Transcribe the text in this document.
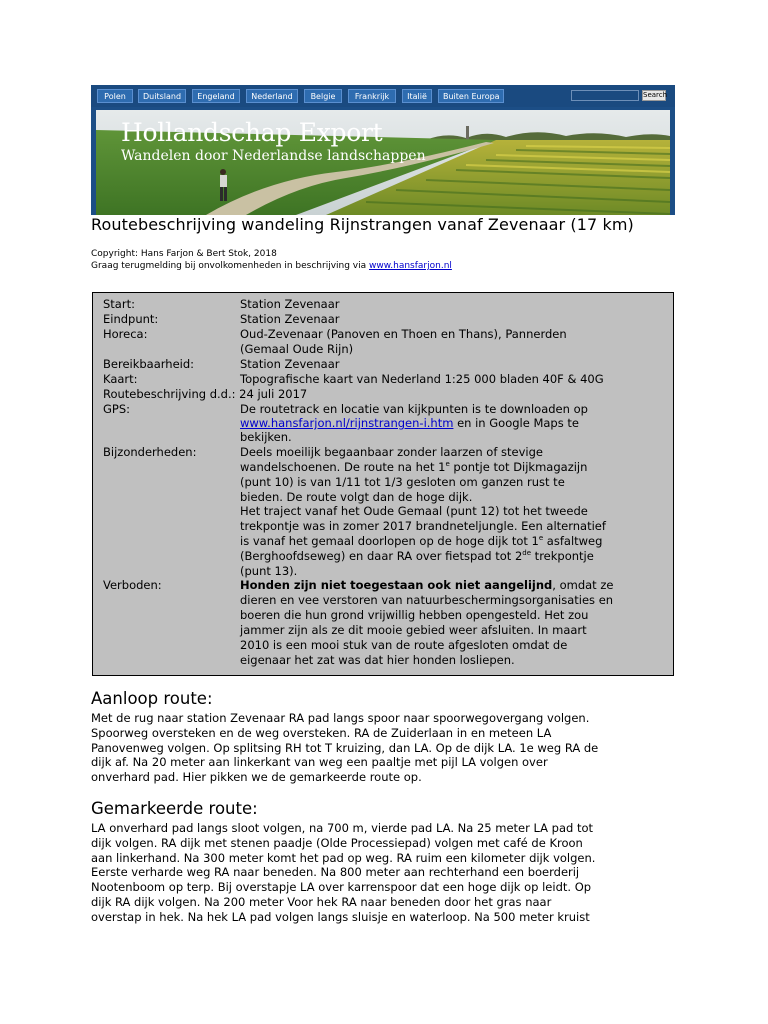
Polen	Duitsland	Engeland	Nederland	Belgie	Frankrijk	Italië	Buiten Europa	Search
Hollandschap Export
Wandelen door Nederlandse landschappen
Routebeschrijving wandeling Rijnstrangen vanaf Zevenaar (17 km)
Copyright: Hans Farjon & Bert Stok, 2018
Graag terugmelding bij onvolkomenheden in beschrijving via www.hansfarjon.nl
Start:	Station Zevenaar
Eindpunt:	Station Zevenaar
Horeca:	Oud-Zevenaar (Panoven en Thoen en Thans), Pannerden
(Gemaal Oude Rijn)
Bereikbaarheid:	Station Zevenaar
Kaart:	Topografische kaart van Nederland 1:25 000 bladen 40F & 40G
Routebeschrijving d.d.: 24 juli 2017
GPS:	De routetrack en locatie van kijkpunten is te downloaden op
www.hansfarjon.nl/rijnstrangen-i.htm en in Google Maps te
bekijken.
Bijzonderheden:	Deels moeilijk begaanbaar zonder laarzen of stevige
wandelschoenen. De route na het 1e pontje tot Dijkmagazijn
(punt 10) is van 1/11 tot 1/3 gesloten om ganzen rust te
bieden. De route volgt dan de hoge dijk.
Het traject vanaf het Oude Gemaal (punt 12) tot het tweede
trekpontje was in zomer 2017 brandneteljungle. Een alternatief
is vanaf het gemaal doorlopen op de hoge dijk tot 1e asfaltweg
(Berghoofdseweg) en daar RA over fietspad tot 2de trekpontje
(punt 13).
Verboden:	Honden zijn niet toegestaan ook niet aangelijnd, omdat ze
dieren en vee verstoren van natuurbeschermingsorganisaties en
boeren die hun grond vrijwillig hebben opengesteld. Het zou
jammer zijn als ze dit mooie gebied weer afsluiten. In maart
2010 is een mooi stuk van de route afgesloten omdat de
eigenaar het zat was dat hier honden losliepen.
Aanloop route:
Met de rug naar station Zevenaar RA pad langs spoor naar spoorwegovergang volgen.
Spoorweg oversteken en de weg oversteken. RA de Zuiderlaan in en meteen LA
Panovenweg volgen. Op splitsing RH tot T kruizing, dan LA. Op de dijk LA. 1e weg RA de
dijk af. Na 20 meter aan linkerkant van weg een paaltje met pijl LA volgen over
onverhard pad. Hier pikken we de gemarkeerde route op.
Gemarkeerde route:
LA onverhard pad langs sloot volgen, na 700 m, vierde pad LA. Na 25 meter LA pad tot
dijk volgen. RA dijk met stenen paadje (Olde Processiepad) volgen met café de Kroon
aan linkerhand. Na 300 meter komt het pad op weg. RA ruim een kilometer dijk volgen.
Eerste verharde weg RA naar beneden. Na 800 meter aan rechterhand een boerderij
Nootenboom op terp. Bij overstapje LA over karrenspoor dat een hoge dijk op leidt. Op
dijk RA dijk volgen. Na 200 meter Voor hek RA naar beneden door het gras naar
overstap in hek. Na hek LA pad volgen langs sluisje en waterloop. Na 500 meter kruist
